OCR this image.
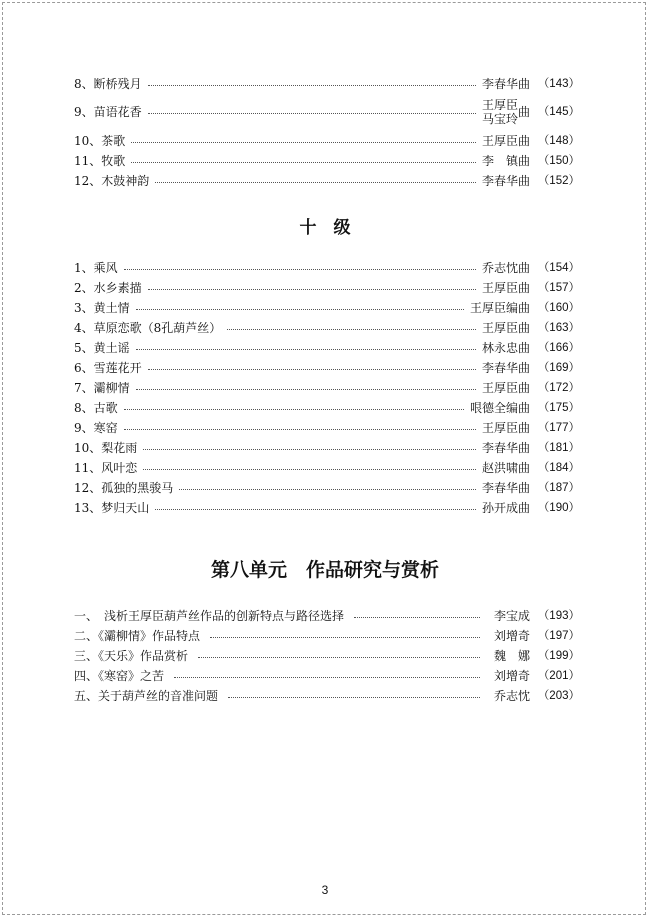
8、断桥残月	李春华曲 （143）
9、苗语花香	王厚臣
马宝玲 曲 （145）
10、茶歌	王厚臣曲 （148）
11、牧歌	李　镇曲 （150）
12、木鼓神韵	李春华曲 （152）
十　级
1、乘风	乔志忱曲 （154）
2、水乡素描	王厚臣曲 （157）
3、黄土情	王厚臣编曲 （160）
4、草原恋歌（8孔葫芦丝）	王厚臣曲 （163）
5、黄土谣	林永忠曲 （166）
6、雪莲花开	李春华曲 （169）
7、灞柳情	王厚臣曲 （172）
8、古歌	哏德全编曲 （175）
9、寒窑	王厚臣曲 （177）
10、梨花雨	李春华曲 （181）
11、风叶恋	赵洪啸曲 （184）
12、孤独的黑骏马	李春华曲 （187）
13、梦归天山	孙开成曲 （190）
第八单元　作品研究与赏析
一、　浅析王厚臣葫芦丝作品的创新特点与路径选择	李宝成 （193）
二、《灞柳情》作品特点	刘增奇 （197）
三、《天乐》作品赏析	魏　娜 （199）
四、《寒窑》之苦	刘增奇 （201）
五、关于葫芦丝的音准问题	乔志忱 （203）
3
